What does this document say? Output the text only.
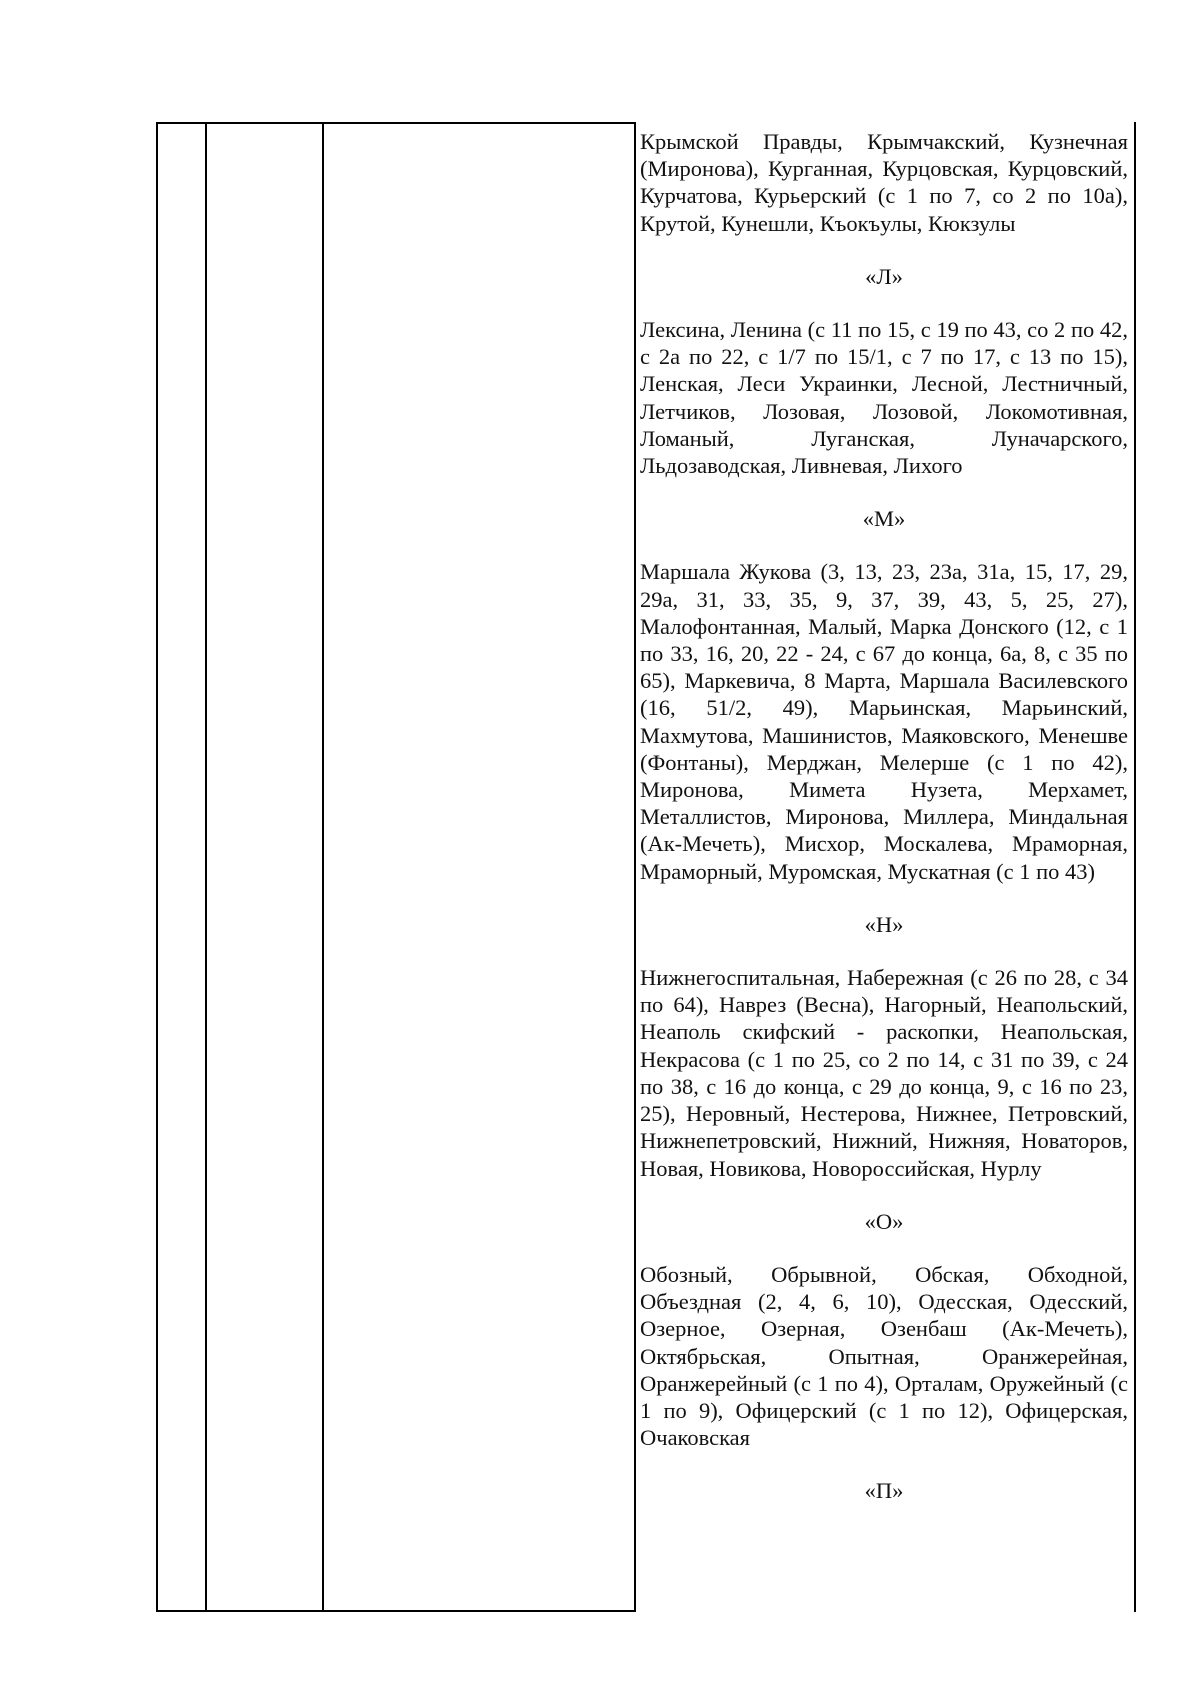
Крымской Правды, Крымчакский, Кузнечная (Миронова), Курганная, Курцовская, Курцовский, Курчатова, Курьерский (с 1 по 7, со 2 по 10а), Крутой, Кунешли, Къокъулы, Кюкзулы

«Л»

Лексина, Ленина (с 11 по 15, с 19 по 43, со 2 по 42, с 2а по 22, с 1/7 по 15/1, с 7 по 17, с 13 по 15), Ленская, Леси Украинки, Лесной, Лестничный, Летчиков, Лозовая, Лозовой, Локомотивная, Ломаный, Луганская, Луначарского, Льдозаводская, Ливневая, Лихого

«М»

Маршала Жукова (3, 13, 23, 23а, 31а, 15, 17, 29, 29а, 31, 33, 35, 9, 37, 39, 43, 5, 25, 27), Малофонтанная, Малый, Марка Донского (12, с 1 по 33, 16, 20, 22 - 24, с 67 до конца, 6а, 8, с 35 по 65), Маркевича, 8 Марта, Маршала Василевского (16, 51/2, 49), Марьинская, Марьинский, Махмутова, Машинистов, Маяковского, Менешве (Фонтаны), Мерджан, Мелерше (с 1 по 42), Миронова, Мимета Нузета, Мерхамет, Металлистов, Миронова, Миллера, Миндальная (Ак-Мечеть), Мисхор, Москалева, Мраморная, Мраморный, Муромская, Мускатная (с 1 по 43)

«Н»

Нижнегоспитальная, Набережная (с 26 по 28, с 34 по 64), Наврез (Весна), Нагорный, Неапольский, Неаполь скифский - раскопки, Неапольская, Некрасова (с 1 по 25, со 2 по 14, с 31 по 39, с 24 по 38, с 16 до конца, с 29 до конца, 9, с 16 по 23, 25), Неровный, Нестерова, Нижнее, Петровский, Нижнепетровский, Нижний, Нижняя, Новаторов, Новая, Новикова, Новороссийская, Нурлу

«О»

Обозный, Обрывной, Обская, Обходной, Объездная (2, 4, 6, 10), Одесская, Одесский, Озерное, Озерная, Озенбаш (Ак-Мечеть), Октябрьская, Опытная, Оранжерейная, Оранжерейный (с 1 по 4), Орталам, Оружейный (с 1 по 9), Офицерский (с 1 по 12), Офицерская, Очаковская

«П»
